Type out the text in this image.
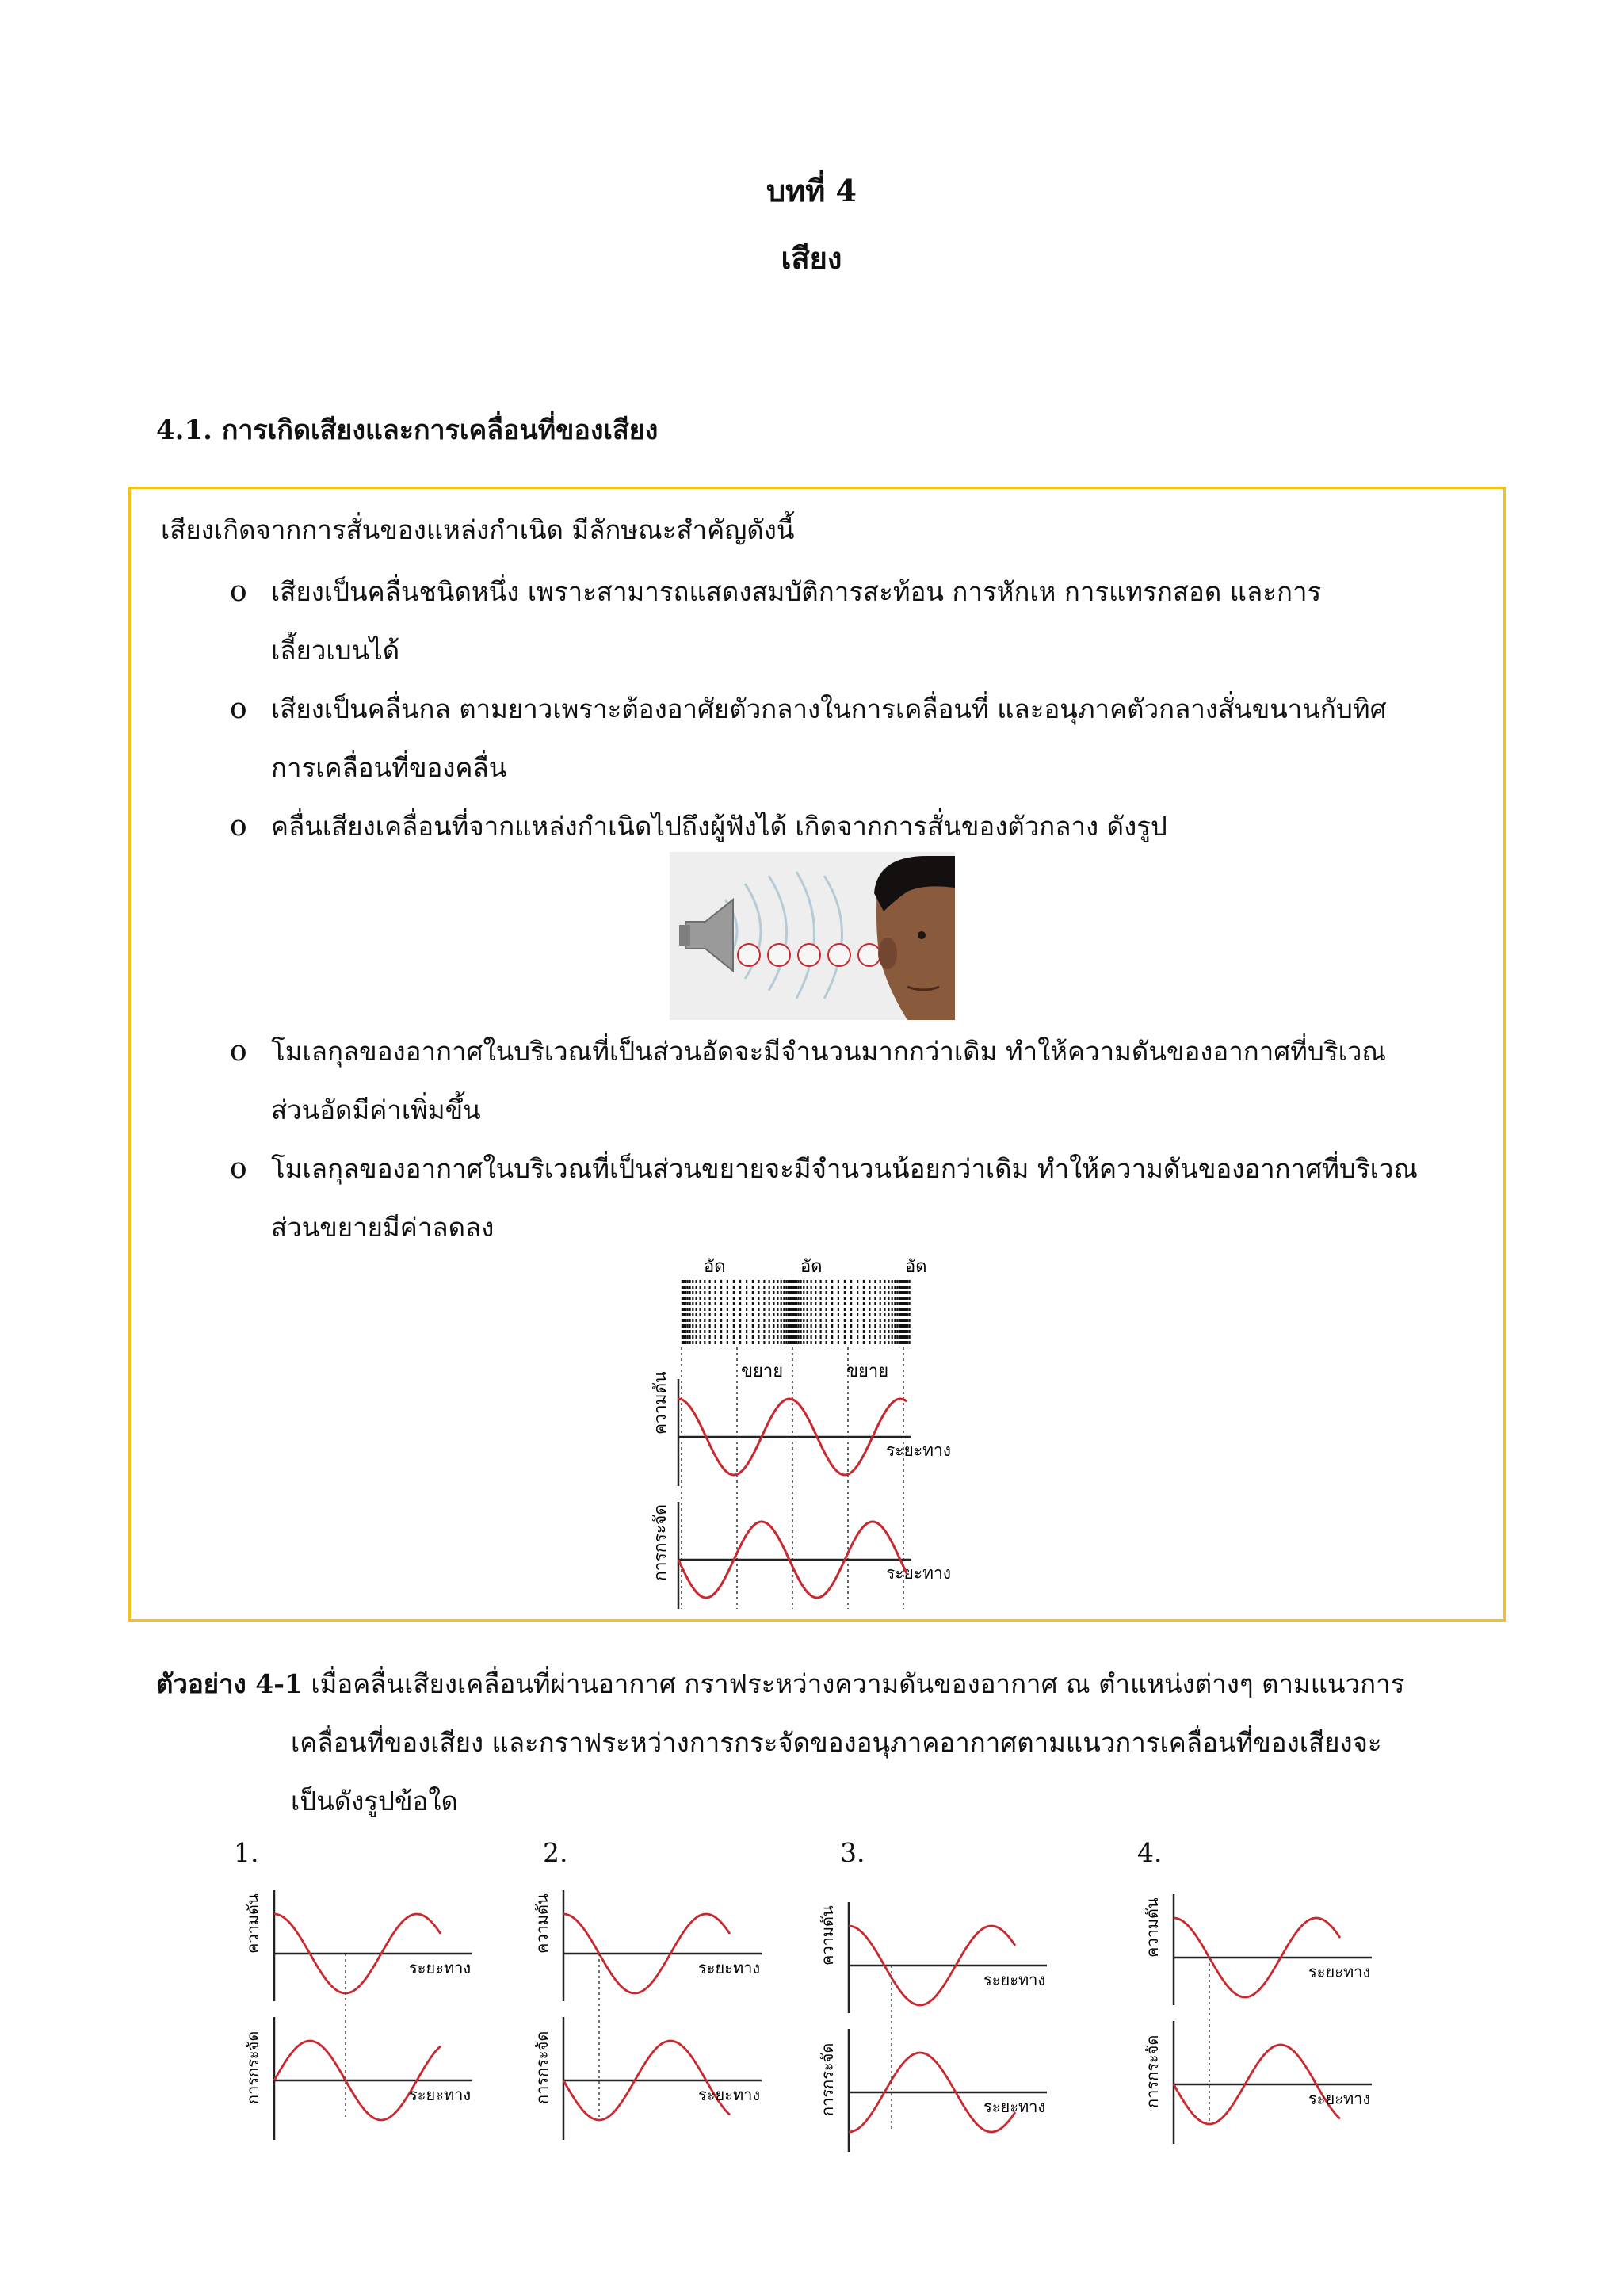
บทที่ 4
เสียง
4.1. การเกิดเสียงและการเคลื่อนที่ของเสียง
เสียงเกิดจากการสั่นของแหล่งกำเนิด มีลักษณะสำคัญดังนี้
o เสียงเป็นคลื่นชนิดหนึ่ง เพราะสามารถแสดงสมบัติการสะท้อน การหักเห การแทรกสอด และการ
เลี้ยวเบนได้
o เสียงเป็นคลื่นกล ตามยาวเพราะต้องอาศัยตัวกลางในการเคลื่อนที่ และอนุภาคตัวกลางสั่นขนานกับทิศ
การเคลื่อนที่ของคลื่น
o คลื่นเสียงเคลื่อนที่จากแหล่งกำเนิดไปถึงผู้ฟังได้ เกิดจากการสั่นของตัวกลาง ดังรูป
o โมเลกุลของอากาศในบริเวณที่เป็นส่วนอัดจะมีจำนวนมากกว่าเดิม ทำให้ความดันของอากาศที่บริเวณ
ส่วนอัดมีค่าเพิ่มขึ้น
o โมเลกุลของอากาศในบริเวณที่เป็นส่วนขยายจะมีจำนวนน้อยกว่าเดิม ทำให้ความดันของอากาศที่บริเวณ
ส่วนขยายมีค่าลดลง
อัด	อัด	อัด
ขยาย	ขยาย
ความดัน
ระยะทาง
การกระจัด	ระยะทาง
ตัวอย่าง 4-1 เมื่อคลื่นเสียงเคลื่อนที่ผ่านอากาศ กราฟระหว่างความดันของอากาศ ณ ตำแหน่งต่างๆ ตามแนวการ
เคลื่อนที่ของเสียง และกราฟระหว่างการกระจัดของอนุภาคอากาศตามแนวการเคลื่อนที่ของเสียงจะ
เป็นดังรูปข้อใด
1.	2.	3.	4.
ความดัน
ระยะทาง
การกระจัด	ระยะทาง
ความดัน
ระยะทาง
การกระจัด	ระยะทาง
ความดัน
ระยะทาง
การกระจัด	ระยะทาง
ความดัน
ระยะทาง
การกระจัด	ระยะทาง
